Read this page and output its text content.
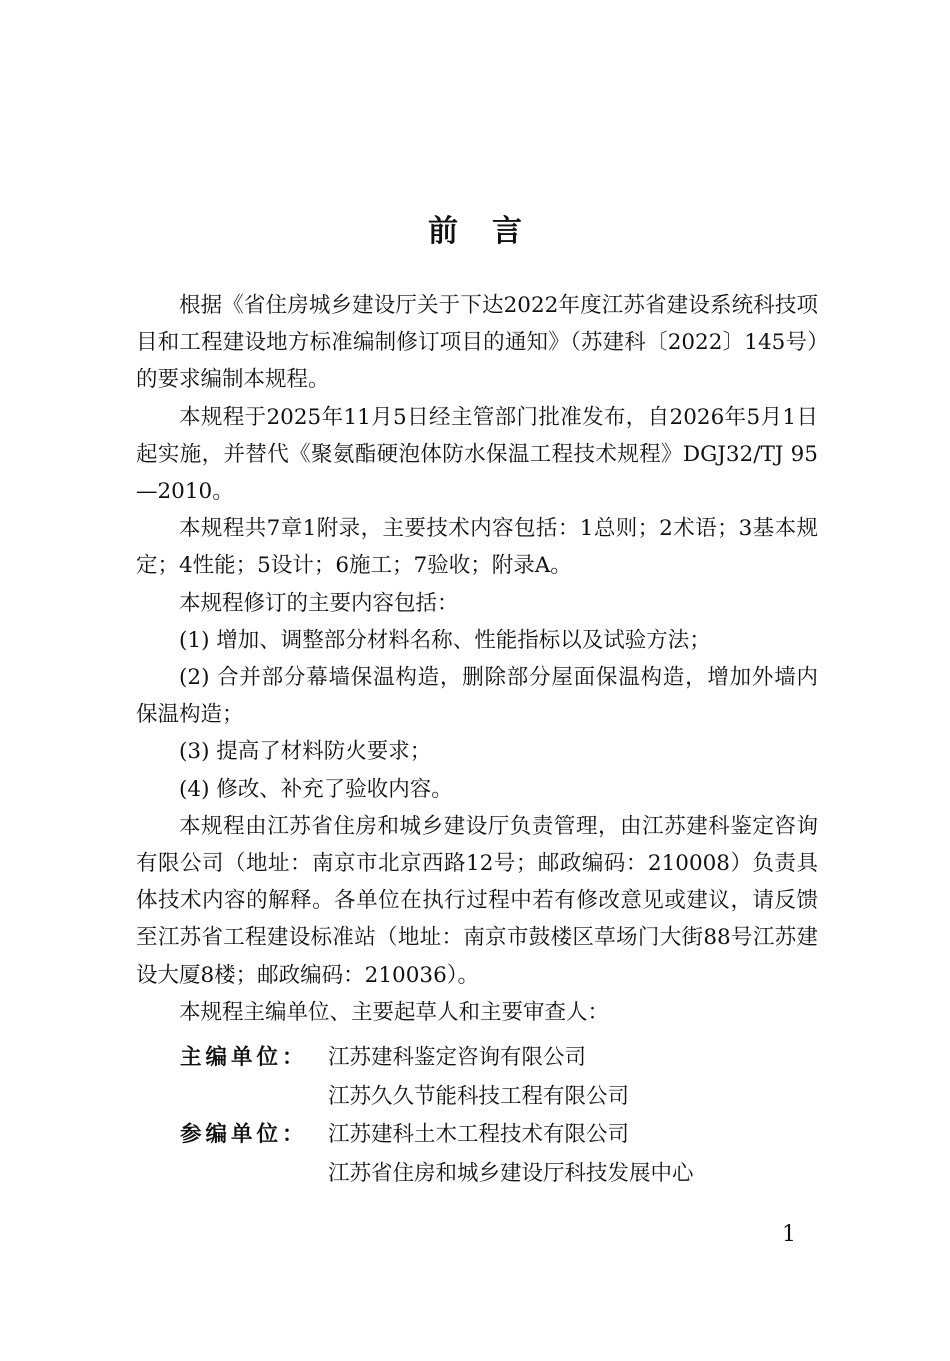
前言

根据《省住房城乡建设厅关于下达2022年度江苏省建设系统科技项目和工程建设地方标准编制修订项目的通知》（苏建科〔2022〕145号）的要求编制本规程。

本规程于2025年11月5日经主管部门批准发布，自2026年5月1日起实施，并替代《聚氨酯硬泡体防水保温工程技术规程》DGJ32/TJ 95—2010。

本规程共7章1附录，主要技术内容包括：1总则；2术语；3基本规定；4性能；5设计；6施工；7验收；附录A。

本规程修订的主要内容包括：

(1) 增加、调整部分材料名称、性能指标以及试验方法；

(2) 合并部分幕墙保温构造，删除部分屋面保温构造，增加外墙内保温构造；

(3) 提高了材料防火要求；

(4) 修改、补充了验收内容。

本规程由江苏省住房和城乡建设厅负责管理，由江苏建科鉴定咨询有限公司（地址：南京市北京西路12号；邮政编码：210008）负责具体技术内容的解释。各单位在执行过程中若有修改意见或建议，请反馈至江苏省工程建设标准站（地址：南京市鼓楼区草场门大街88号江苏建设大厦8楼；邮政编码：210036）。

本规程主编单位、主要起草人和主要审查人：

主编单位： 江苏建科鉴定咨询有限公司
江苏久久节能科技工程有限公司
参编单位： 江苏建科土木工程技术有限公司
江苏省住房和城乡建设厅科技发展中心
1
